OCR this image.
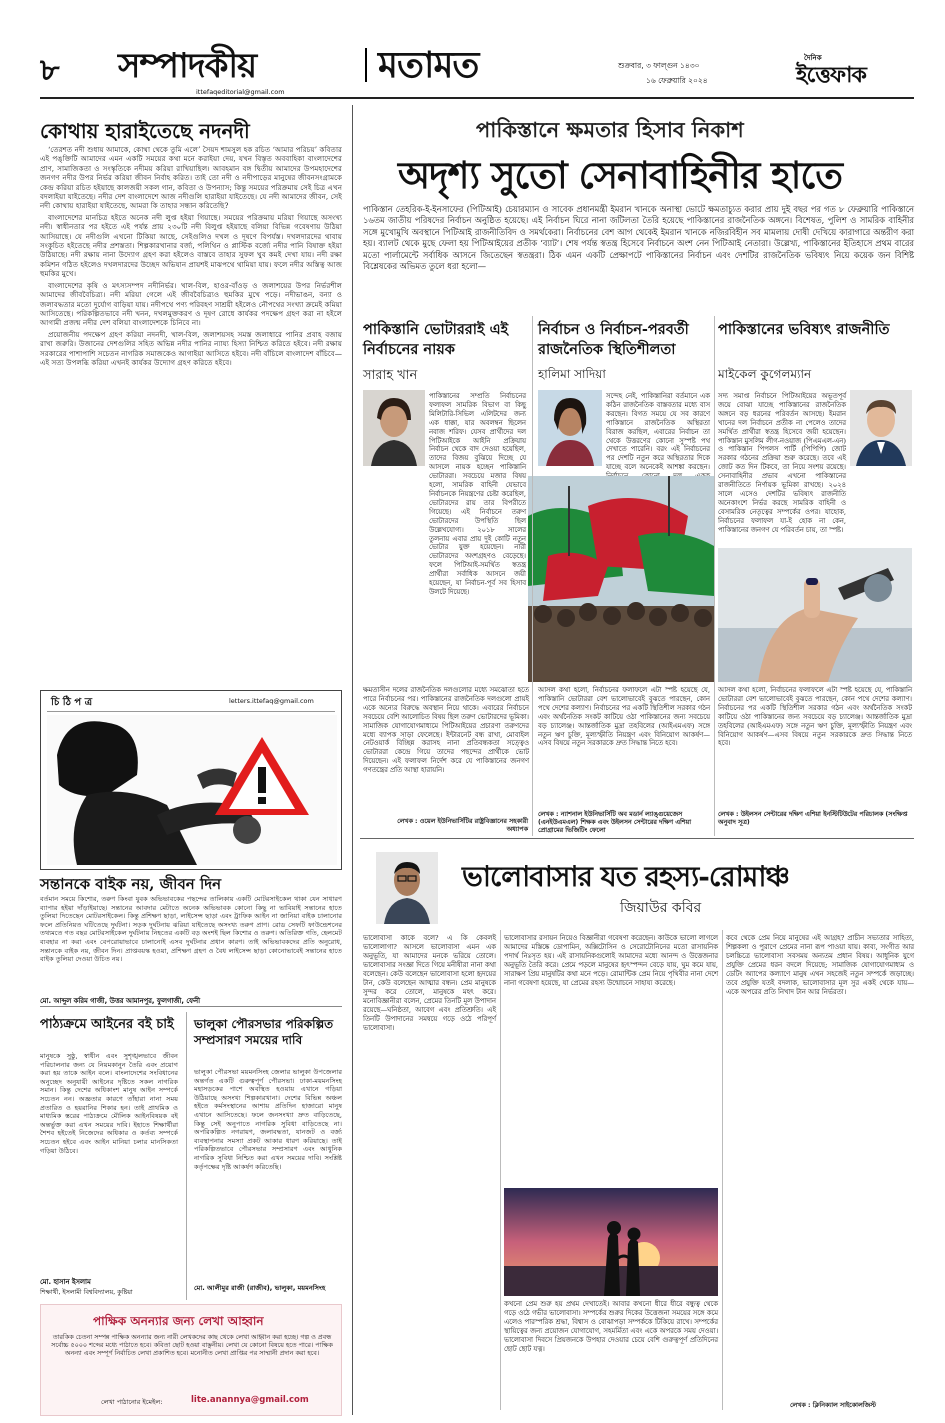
৮ সম্পাদকীয়
ittefaqeditorial@gmail.com
মতামত	শুক্রবার, ৩ ফাল্গুন ১৪৩০
১৬ ফেব্রুয়ারি ২০২৪
দৈনিক
ইত্তেফাক
কোথায় হারাইতেছে নদনদী

‘তেরশত নদী শুধায় আমাকে, কোথা থেকে তুমি এলে’ সৈয়দ শামসুল হক রচিত ‘আমার পরিচয়’ কবিতার এই পঙ্‌ক্তিটি আমাদের এমন একটি সময়ের কথা মনে করাইয়া দেয়, যখন বিস্তৃত অববাহিকা বাংলাদেশের প্রাণ, সামাজিকতা ও সংস্কৃতিকে নদীময় করিয়া রাখিয়াছিল। আবহমান বঙ্গ দ্বিতীয় আমাদের উপমহাদেশের জনগণ নদীর উপর নির্ভর করিয়া জীবন নির্বাহ করিত। তাই তো নদী ও নদীপাড়ের মানুষের জীবনসংগ্রামকে কেন্দ্র করিয়া রচিত হইয়াছে কালজয়ী সকল গান, কবিতা ও উপন্যাস; কিন্তু সময়ের পরিক্রমায় সেই চিত্র এখন বদলাইয়া যাইতেছে। নদীর দেশ বাংলাদেশে আজ নদীগুলি হারাইয়া যাইতেছে। যে নদী আমাদের জীবন, সেই নদী কোথায় হারাইয়া যাইতেছে, আমরা কি তাহার সন্ধান করিতেছি?

বাংলাদেশের মানচিত্র হইতে অনেক নদী লুপ্ত হইয়া গিয়াছে। সময়ের পরিক্রমায় মরিয়া গিয়াছে অসংখ্য নদী। স্বাধীনতার পর হইতে এই পর্যন্ত প্রায় ২৩০টি নদী বিলুপ্ত হইয়াছে বলিয়া বিভিন্ন গবেষণায় উঠিয়া আসিয়াছে। যে নদীগুলি এখনো টিকিয়া আছে, সেইগুলিও দখল ও দূষণে বিপর্যস্ত। দখলদারদের থাবায় সংকুচিত হইতেছে নদীর প্রশস্ততা। শিল্পকারখানার বর্জ্য, পলিথিন ও প্লাস্টিক বর্জ্যে নদীর পানি বিষাক্ত হইয়া উঠিয়াছে। নদী রক্ষায় নানা উদ্যোগ গ্রহণ করা হইলেও বাস্তবে তাহার সুফল খুব কমই দেখা যায়। নদী রক্ষা কমিশন গঠিত হইলেও দখলদারদের উচ্ছেদ অভিযান প্রায়শই মাঝপথে থামিয়া যায়। ফলে নদীর অস্তিত্ব আজ হুমকির মুখে।

বাংলাদেশের কৃষি ও মৎস্যসম্পদ নদীনির্ভর। খাল-বিল, হাওর-বাঁওড় ও জলাশয়ের উপর নির্ভরশীল আমাদের জীববৈচিত্র্য। নদী মরিয়া গেলে এই জীববৈচিত্র্যও হুমকির মুখে পড়ে। নদীভাঙন, বন্যা ও জলাবদ্ধতার মতো দুর্যোগ বাড়িয়া যায়। নদীপথে পণ্য পরিবহণ সাশ্রয়ী হইলেও নৌপথের সংখ্যা ক্রমেই কমিয়া আসিতেছে। পরিকল্পিতভাবে নদী খনন, দখলমুক্তকরণ ও দূষণ রোধে কার্যকর পদক্ষেপ গ্রহণ করা না হইলে আগামী প্রজন্ম নদীর দেশ বলিয়া বাংলাদেশকে চিনিবে না।

প্রয়োজনীয় পদক্ষেপ গ্রহণ করিয়া নদনদী, খাল-বিল, জলাশয়সহ সমস্ত জলাধারে পানির প্রবাহ বজায় রাখা জরুরি। উজানের দেশগুলির সহিত অভিন্ন নদীর পানির ন্যায্য হিস্যা নিশ্চিত করিতে হইবে। নদী রক্ষায় সরকারের পাশাপাশি সচেতন নাগরিক সমাজকেও আগাইয়া আসিতে হইবে। নদী বাঁচিলে বাংলাদেশ বাঁচিবে—এই সত্য উপলব্ধি করিয়া এখনই কার্যকর উদ্যোগ গ্রহণ করিতে হইবে।

চি ঠি প ত্র	letters.ittefaq@gmail.com
সন্তানকে বাইক নয়, জীবন দিন
বর্তমান সময়ে কিশোর, তরুণ কিংবা যুবক অভিভাবকের পছন্দের তালিকায় একটি মোটরসাইকেল থাকা যেন সাধারণ ব্যাপার হইয়া দাঁড়াইয়াছে। সন্তানের আবদার মেটাতে অনেক অভিভাবক কোনো কিছু না ভাবিয়াই সন্তানের হাতে তুলিয়া দিতেছেন মোটরসাইকেল। কিন্তু প্রশিক্ষণ ছাড়া, লাইসেন্স ছাড়া এবং ট্রাফিক আইন না জানিয়া বাইক চালানোর ফলে প্রতিনিয়ত ঘটিতেছে দুর্ঘটনা। সড়ক দুর্ঘটনায় ঝরিয়া যাইতেছে অসংখ্য তরুণ প্রাণ। রোড সেফটি ফাউন্ডেশনের তথ্যমতে গত বছর মোটরসাইকেল দুর্ঘটনায় নিহতের একটি বড় অংশই ছিল কিশোর ও তরুণ। অতিরিক্ত গতি, হেলমেট ব্যবহার না করা এবং বেপরোয়াভাবে চালানোই এসব দুর্ঘটনার প্রধান কারণ। তাই অভিভাবকদের প্রতি অনুরোধ, সন্তানকে বাইক নয়, জীবন দিন। প্রাপ্তবয়স্ক হওয়া, প্রশিক্ষণ গ্রহণ ও বৈধ লাইসেন্স ছাড়া কোনোভাবেই সন্তানের হাতে বাইক তুলিয়া দেওয়া উচিত নয়।
মো. আব্দুল করিম গাজী, উত্তর আমানপুর, ফুলগাজী, ফেনী
পাঠ্যক্রমে আইনের বই চাই
মানুষকে সুষ্ঠু, স্বাধীন এবং সুশৃঙ্খলভাবে জীবন পরিচালনার জন্য যে নিয়মকানুন তৈরি এবং প্রয়োগ করা হয় তাকে আইন বলে। বাংলাদেশের সংবিধানের অনুচ্ছেদ অনুযায়ী আইনের দৃষ্টিতে সকল নাগরিক সমান। কিন্তু দেশের অধিকাংশ মানুষ আইন সম্পর্কে সচেতন নন। অজ্ঞতার কারণে তাঁহারা নানা সময় প্রতারিত ও হয়রানির শিকার হন। তাই প্রাথমিক ও মাধ্যমিক স্তরের পাঠ্যক্রমে মৌলিক আইনবিষয়ক বই অন্তর্ভুক্ত করা এখন সময়ের দাবি। ইহাতে শিক্ষার্থীরা শৈশব হইতেই নিজেদের অধিকার ও কর্তব্য সম্পর্কে সচেতন হইবে এবং আইন মানিয়া চলার মানসিকতা গড়িয়া উঠিবে।
মো. হাসান ইসলাম
শিক্ষার্থী, ইসলামী বিশ্ববিদ্যালয়, কুষ্টিয়া
ভালুকা পৌরসভার পরিকল্পিত সম্প্রসারণ সময়ের দাবি
ভালুকা পৌরসভা ময়মনসিংহ জেলার ভালুকা উপজেলার অন্তর্গত একটি গুরুত্বপূর্ণ পৌরসভা। ঢাকা-ময়মনসিংহ মহাসড়কের পাশে অবস্থিত হওয়ায় এখানে গড়িয়া উঠিয়াছে অসংখ্য শিল্পকারখানা। দেশের বিভিন্ন অঞ্চল হইতে কর্মসংস্থানের আশায় প্রতিদিন হাজারো মানুষ এখানে আসিতেছে। ফলে জনসংখ্যা দ্রুত বাড়িতেছে, কিন্তু সেই অনুপাতে নাগরিক সুবিধা বাড়িতেছে না। অপরিকল্পিত নগরায়ণ, জলাবদ্ধতা, যানজট ও বর্জ্য ব্যবস্থাপনার সমস্যা প্রকট আকার ধারণ করিয়াছে। তাই পরিকল্পিতভাবে পৌরসভার সম্প্রসারণ এবং আধুনিক নাগরিক সুবিধা নিশ্চিত করা এখন সময়ের দাবি। সংশ্লিষ্ট কর্তৃপক্ষের দৃষ্টি আকর্ষণ করিতেছি।
মো. আলীমুর রাজী (রাজীব), ভালুকা, ময়মনসিংহ
পাক্ষিক অনন্যার জন্য লেখা আহ্বান
তারকিক চেতনা সম্পন্ন পাক্ষিক অনন্যার জন্য নারী লেখকদের কাছ থেকে লেখা আহ্বান করা হচ্ছে। গল্প ও প্রবন্ধ সর্বোচ্চ ৫০০০ শব্দের মধ্যে পাঠাতে হবে। কবিতা ছোট হওয়া বাঞ্ছনীয়। লেখা যে কোনো বিষয়ে হতে পারে। পাক্ষিক অনন্যা এবং সম্পূর্ণ নির্বাচিত লেখা প্রকাশিত হবে। মনোনীত লেখা প্রাপ্তির পর সাম্মানী প্রদান করা হবে।
লেখা পাঠানোর ইমেইল:	lite.anannya@gmail.com
পাকিস্তানে ক্ষমতার হিসাব নিকাশ
অদৃশ্য সুতো সেনাবাহিনীর হাতে
পাকিস্তান তেহরিক-ই-ইনসাফের (পিটিআই) চেয়ারম্যান ও সাবেক প্রধানমন্ত্রী ইমরান খানকে অনাস্থা ভোটে ক্ষমতাচ্যুত করার প্রায় দুই বছর পর গত ৮ ফেব্রুয়ারি পাকিস্তানে ১৬তম জাতীয় পরিষদের নির্বাচন অনুষ্ঠিত হয়েছে। এই নির্বাচন ঘিরে নানা জটিলতা তৈরি হয়েছে পাকিস্তানের রাজনৈতিক অঙ্গনে। বিশেষত, পুলিশ ও সামরিক বাহিনীর সঙ্গে মুখোমুখি অবস্থানে পিটিআই রাজনীতিবিদ ও সমর্থকেরা। নির্বাচনের বেশ আগ থেকেই ইমরান খানকে নজিরবিহীন সব মামলায় দোষী দেখিয়ে কারাগারে অন্তরীণ করা হয়। ব্যালট থেকে মুছে ফেলা হয় পিটিআইয়ের প্রতীক ‘ব্যাট’। শেষ পর্যন্ত স্বতন্ত্র হিসেবে নির্বাচনে অংশ নেন পিটিআই নেতারা। উল্লেখ্য, পাকিস্তানের ইতিহাসে প্রথম বারের মতো পার্লামেন্টে সর্বাধিক আসনে জিতেছেন স্বতন্ত্ররা। ঠিক এমন একটি প্রেক্ষাপটে পাকিস্তানের নির্বাচন এবং দেশটির রাজনৈতিক ভবিষ্যৎ নিয়ে কয়েক জন বিশিষ্ট বিশ্লেষকের অভিমত তুলে ধরা হলো—
পাকিস্তানি ভোটাররাই এই নির্বাচনের নায়ক
সারাহ খান
নির্বাচন ও নির্বাচন-পরবর্তী রাজনৈতিক স্থিতিশীলতা
হালিমা সাদিয়া
পাকিস্তানের ভবিষ্যৎ রাজনীতি
মাইকেল কুগেলম্যান
পাকিস্তানের সম্প্রতি নির্বাচনের ফলাফল সামরিক বিভাগ বা কিছু মিলিটারি-সিভিল এলিটদের জন্য এক ধাক্কা, যার অবলম্বন ছিলেন নবাজ শরিফ। যেসব প্রার্থীদের দল পিটিআইকে আইনি প্রক্রিয়ায় নির্বাচন থেকে বাদ দেওয়া হয়েছিল, তাদের বিজয় বুঝিয়ে দিচ্ছে যে আসলে নায়ক হচ্ছেন পাকিস্তানি ভোটাররা। সবচেয়ে মজার বিষয় হলো, সামরিক বাহিনী যেভাবে নির্বাচনকে নিয়ন্ত্রণের চেষ্টা করেছিল, ভোটারদের রায় তার বিপরীতে গিয়েছে। এই নির্বাচনে তরুণ ভোটারদের উপস্থিতি ছিল উল্লেখযোগ্য। ২০১৮ সালের তুলনায় এবার প্রায় দুই কোটি নতুন ভোটার যুক্ত হয়েছেন। নারী ভোটারদের অংশগ্রহণও বেড়েছে। ফলে পিটিআই-সমর্থিত স্বতন্ত্র প্রার্থীরা সর্বাধিক আসনে জয়ী হয়েছেন, যা নির্বাচন-পূর্ব সব হিসাব উলটে দিয়েছে।
সন্দেহ নেই, পাকিস্তানিরা বর্তমানে এক কঠিন রাজনৈতিক বাস্তবতার মধ্যে বাস করছেন। বিগত সময়ে যে সব কারণে পাকিস্তানে রাজনৈতিক অস্থিরতা বিরাজ করছিল, এবারের নির্বাচন তা থেকে উত্তরণের কোনো সুস্পষ্ট পথ দেখাতে পারেনি। বরং এই নির্বাচনের পর দেশটি নতুন করে অস্থিরতার দিকে যাচ্ছে বলে অনেকেই আশঙ্কা করছেন।
সদ্য সমাপ্ত নির্বাচনে পিটিআইয়ের অভূতপূর্ব জয়ে বোঝা যাচ্ছে পাকিস্তানের রাজনৈতিক অঙ্গনে বড় ধরনের পরিবর্তন আসছে। ইমরান খানের দল নির্বাচনে প্রতীক না পেলেও তাদের সমর্থিত প্রার্থীরা স্বতন্ত্র হিসেবে জয়ী হয়েছেন। পাকিস্তান মুসলিম লীগ-নওয়াজ (পিএমএল-এন) ও পাকিস্তান পিপলস পার্টি (পিপিপি) জোট সরকার গঠনের প্রক্রিয়া শুরু করেছে। তবে এই জোট কত দিন টিকবে, তা নিয়ে সংশয় রয়েছে। সেনাবাহিনীর প্রভাব এখনো পাকিস্তানের রাজনীতিতে নির্ণায়ক ভূমিকা রাখছে। ২০২৪ সালে এসেও দেশটির ভবিষ্যৎ রাজনীতি অনেকাংশে নির্ভর করছে সামরিক বাহিনী ও বেসামরিক নেতৃত্বের সম্পর্কের ওপর। যাহোক, নির্বাচনের ফলাফল যা-ই হোক না কেন, পাকিস্তানের জনগণ যে পরিবর্তন চায়, তা স্পষ্ট।
ক্ষমতাসীন দলের রাজনৈতিক দলগুলোর মধ্যে সমঝোতা হতে পারে নির্বাচনের পর। পাকিস্তানের রাজনৈতিক দলগুলো প্রায়ই একে অন্যের বিরুদ্ধে অবস্থান নিয়ে থাকে। এবারের নির্বাচনে সবচেয়ে বেশি আলোচিত বিষয় ছিল তরুণ ভোটারদের ভূমিকা। সামাজিক যোগাযোগমাধ্যমে পিটিআইয়ের প্রচারণা তরুণদের মধ্যে ব্যাপক সাড়া ফেলেছে। ইন্টারনেট বন্ধ রাখা, মোবাইল নেটওয়ার্ক বিচ্ছিন্ন করাসহ নানা প্রতিবন্ধকতা সত্ত্বেও ভোটাররা কেন্দ্রে গিয়ে তাদের পছন্দের প্রার্থীকে ভোট দিয়েছেন। এই ফলাফল নির্দেশ করে যে পাকিস্তানের জনগণ গণতন্ত্রের প্রতি আস্থা হারায়নি।
আসল কথা হলো, নির্বাচনের ফলাফলে এটা স্পষ্ট হয়েছে যে, পাকিস্তানি ভোটাররা বেশ ভালোভাবেই বুঝতে পারছেন, কোন পথে দেশের কল্যাণ। নির্বাচনের পর একটি স্থিতিশীল সরকার গঠন এবং অর্থনৈতিক সংকট কাটিয়ে ওঠা পাকিস্তানের জন্য সবচেয়ে বড় চ্যালেঞ্জ। আন্তর্জাতিক মুদ্রা তহবিলের (আইএমএফ) সঙ্গে নতুন ঋণ চুক্তি, মূল্যস্ফীতি নিয়ন্ত্রণ এবং বিনিয়োগ আকর্ষণ—এসব বিষয়ে নতুন সরকারকে দ্রুত সিদ্ধান্ত নিতে হবে।
আসল কথা হলো, নির্বাচনের ফলাফলে এটা স্পষ্ট হয়েছে যে, পাকিস্তানি ভোটাররা বেশ ভালোভাবেই বুঝতে পারছেন, কোন পথে দেশের কল্যাণ। নির্বাচনের পর একটি স্থিতিশীল সরকার গঠন এবং অর্থনৈতিক সংকট কাটিয়ে ওঠা পাকিস্তানের জন্য সবচেয়ে বড় চ্যালেঞ্জ। আন্তর্জাতিক মুদ্রা তহবিলের (আইএমএফ) সঙ্গে নতুন ঋণ চুক্তি, মূল্যস্ফীতি নিয়ন্ত্রণ এবং বিনিয়োগ আকর্ষণ—এসব বিষয়ে নতুন সরকারকে দ্রুত সিদ্ধান্ত নিতে হবে।
লেখক : ওয়েল ইউনিভার্সিটির রাষ্ট্রবিজ্ঞানের সহকারী অধ্যাপক
লেখক : ন্যাশনাল ইউনিভার্সিটি অব মডার্ন ল্যাঙ্গুয়েজেস (এনইউএমএল) শিক্ষক এবং উইলসন সেন্টারের দক্ষিণ এশিয়া প্রোগ্রামের ভিজিটিং ফেলো
লেখক : উইলসন সেন্টারের দক্ষিণ এশিয়া ইনস্টিটিউটের পরিচালক (সংক্ষিপ্ত অনুবাদ সূত্র)
ভালোবাসার যত রহস্য-রোমাঞ্চ
জিয়াউর কবির
ভালোবাসা কাকে বলে? এ কি কেবলই ভালোলাগা? আসলে ভালোবাসা এমন এক অনুভূতি, যা আমাদের মনকে ভরিয়ে তোলে। ভালোবাসার সংজ্ঞা দিতে গিয়ে মনীষীরা নানা কথা বলেছেন। কেউ বলেছেন ভালোবাসা হলো হৃদয়ের টান, কেউ বলেছেন আত্মার বন্ধন। প্রেম মানুষকে সুন্দর করে তোলে, মানুষকে মহৎ করে। মনোবিজ্ঞানীরা বলেন, প্রেমের তিনটি মূল উপাদান রয়েছে—ঘনিষ্ঠতা, আবেগ এবং প্রতিশ্রুতি। এই তিনটি উপাদানের সমন্বয়ে গড়ে ওঠে পরিপূর্ণ ভালোবাসা।
ভালোবাসার রসায়ন নিয়েও বিজ্ঞানীরা গবেষণা করেছেন। কাউকে ভালো লাগলে আমাদের মস্তিষ্কে ডোপামিন, অক্সিটোসিন ও সেরোটোনিনের মতো রাসায়নিক পদার্থ নিঃসৃত হয়। এই রাসায়নিকগুলোই আমাদের মধ্যে আনন্দ ও উত্তেজনার অনুভূতি তৈরি করে। প্রেমে পড়লে মানুষের হৃৎস্পন্দন বেড়ে যায়, ঘুম কমে যায়, সারাক্ষণ প্রিয় মানুষটির কথা মনে পড়ে। রোমান্টিক প্রেম নিয়ে পৃথিবীর নানা দেশে নানা গবেষণা হয়েছে, যা প্রেমের রহস্য উন্মোচনে সাহায্য করেছে।
কখনো প্রেম শুরু হয় প্রথম দেখাতেই। আবার কখনো ধীরে ধীরে বন্ধুত্ব থেকে গড়ে ওঠে গভীর ভালোবাসা। সম্পর্কের শুরুর দিকের উত্তেজনা সময়ের সঙ্গে কমে এলেও পারস্পরিক শ্রদ্ধা, বিশ্বাস ও বোঝাপড়া সম্পর্ককে টিকিয়ে রাখে। সম্পর্কের স্থায়িত্বের জন্য প্রয়োজন যোগাযোগ, সহমর্মিতা এবং একে অপরকে সময় দেওয়া। ভালোবাসা দিবসে প্রিয়জনকে উপহার দেওয়ার চেয়ে বেশি গুরুত্বপূর্ণ প্রতিদিনের ছোট ছোট যত্ন।
কবে থেকে প্রেম নিয়ে মানুষের এই আগ্রহ? প্রাচীন সভ্যতার সাহিত্য, শিল্পকলা ও পুরাণে প্রেমের নানা রূপ পাওয়া যায়। কাব্য, সংগীত আর চলচ্চিত্রে ভালোবাসা সবসময় অন্যতম প্রধান বিষয়। আধুনিক যুগে প্রযুক্তি প্রেমের ধরন বদলে দিয়েছে; সামাজিক যোগাযোগমাধ্যম ও ডেটিং অ্যাপের কল্যাণে মানুষ এখন সহজেই নতুন সম্পর্কে জড়াচ্ছে। তবে প্রযুক্তি যতই বদলাক, ভালোবাসার মূল সুর একই থেকে যায়—একে অপরের প্রতি নিখাদ টান আর নির্ভরতা।
লেখক : ক্লিনিক্যাল সাইকোলজিস্ট
